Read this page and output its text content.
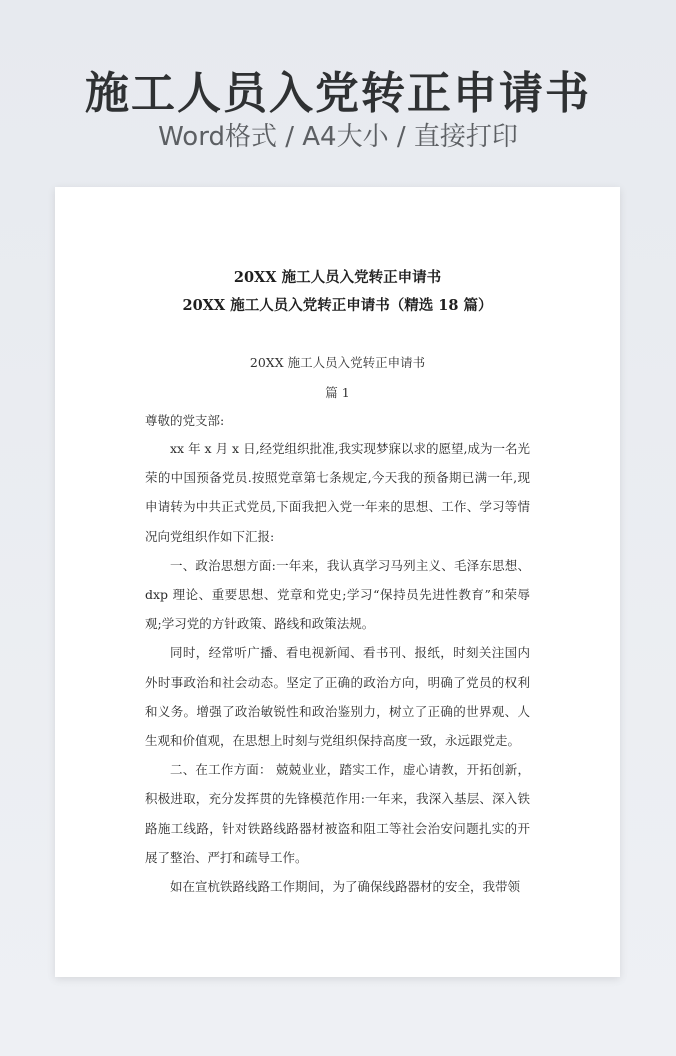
施工人员入党转正申请书
Word格式 / A4大小 / 直接打印
20XX 施工人员入党转正申请书
20XX 施工人员入党转正申请书（精选 18 篇）
20XX 施工人员入党转正申请书
篇 1
尊敬的党支部:

xx 年 x 月 x 日,经党组织批准,我实现梦寐以求的愿望,成为一名光荣的中国预备党员.按照党章第七条规定,今天我的预备期已满一年,现申请转为中共正式党员,下面我把入党一年来的思想、工作、学习等情况向党组织作如下汇报:

一、政治思想方面:一年来，我认真学习马列主义、毛泽东思想、dxp 理论、重要思想、党章和党史;学习“保持员先进性教育”和荣辱观;学习党的方针政策、路线和政策法规。

同时，经常听广播、看电视新闻、看书刊、报纸，时刻关注国内外时事政治和社会动态。坚定了正确的政治方向，明确了党员的权利和义务。增强了政治敏锐性和政治鉴别力，树立了正确的世界观、人生观和价值观，在思想上时刻与党组织保持高度一致，永远跟党走。

二、在工作方面： 兢兢业业，踏实工作，虚心请教，开拓创新，积极进取，充分发挥贯的先锋模范作用:一年来，我深入基层、深入铁路施工线路，针对铁路线路器材被盗和阻工等社会治安问题扎实的开展了整治、严打和疏导工作。

如在宣杭铁路线路工作期间，为了确保线路器材的安全，我带领
